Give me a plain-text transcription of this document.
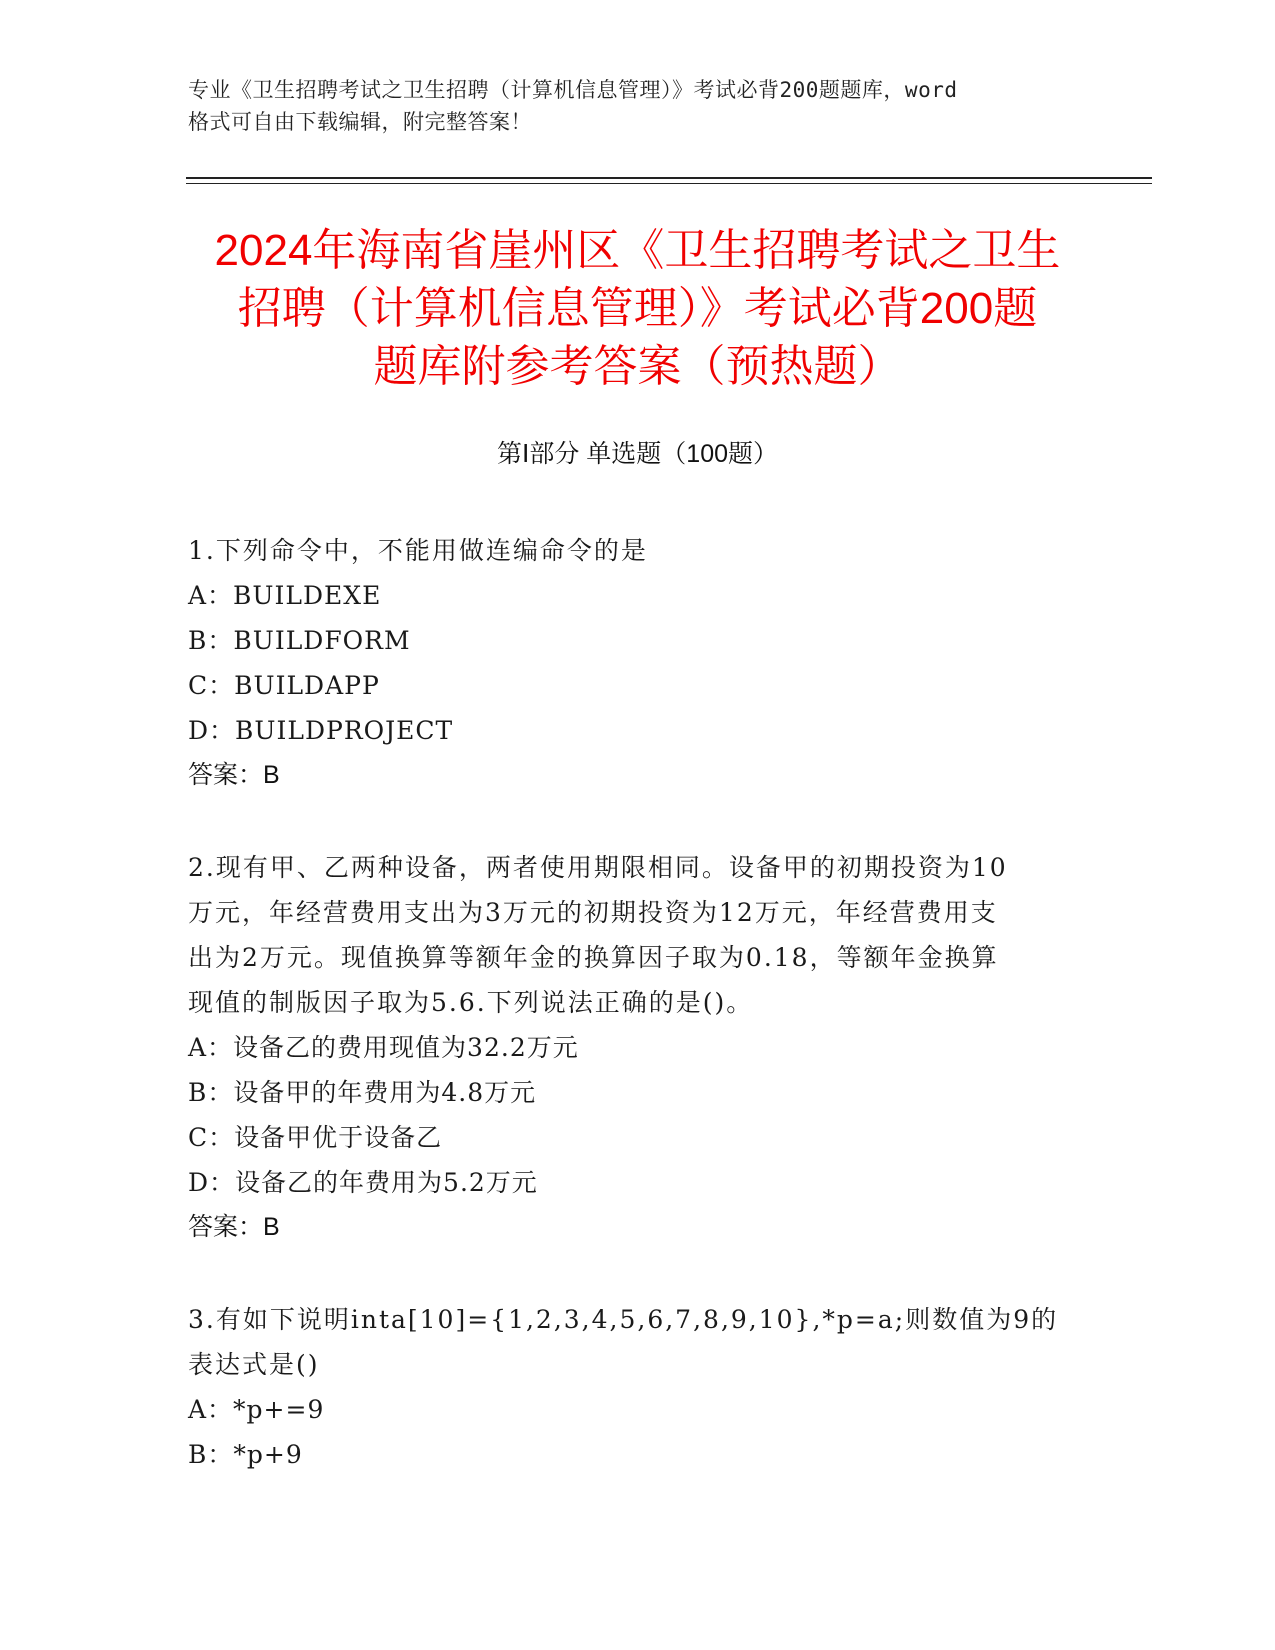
专业《卫生招聘考试之卫生招聘（计算机信息管理）》考试必背200题题库，word
格式可自由下载编辑，附完整答案！
2024年海南省崖州区《卫生招聘考试之卫生
招聘（计算机信息管理）》考试必背200题
题库附参考答案（预热题）
第Ⅰ部分 单选题（100题）
1.下列命令中，不能用做连编命令的是
A：BUILDEXE
B：BUILDFORM
C：BUILDAPP
D：BUILDPROJECT
答案：B
2.现有甲、乙两种设备，两者使用期限相同。设备甲的初期投资为10
万元，年经营费用支出为3万元的初期投资为12万元，年经营费用支
出为2万元。现值换算等额年金的换算因子取为0.18，等额年金换算
现值的制版因子取为5.6.下列说法正确的是()。
A：设备乙的费用现值为32.2万元
B：设备甲的年费用为4.8万元
C：设备甲优于设备乙
D：设备乙的年费用为5.2万元
答案：B
3.有如下说明inta[10]={1,2,3,4,5,6,7,8,9,10},*p=a;则数值为9的
表达式是()
A：*p+=9
B：*p+9
